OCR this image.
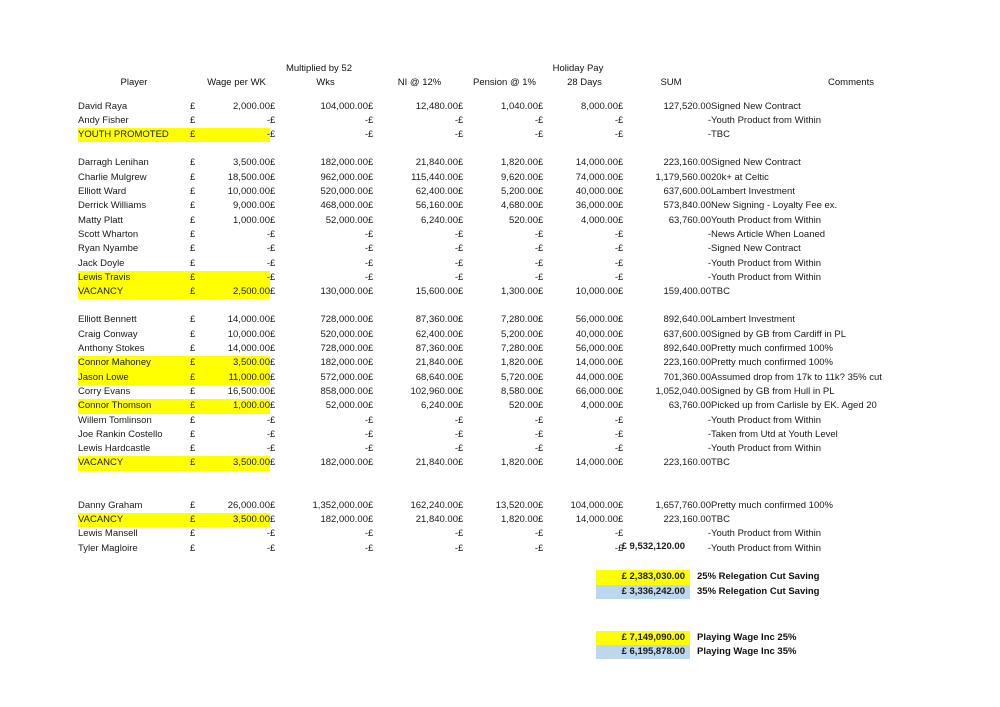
			Multiplied by 52						Holiday Pay				
Player		Wage per WK		Wks		NI @ 12%		Pension @ 1%		28 Days		SUM	Comments

David Raya	£	2,000.00	£	104,000.00	£	12,480.00	£	1,040.00	£	8,000.00	£	127,520.00	Signed New Contract
Andy Fisher	£	-	£	-	£	-	£	-	£	-	£	-	Youth Product from Within
YOUTH PROMOTED	£	-	£	-	£	-	£	-	£	-	£	-	TBC

Darragh Lenihan	£	3,500.00	£	182,000.00	£	21,840.00	£	1,820.00	£	14,000.00	£	223,160.00	Signed New Contract
Charlie Mulgrew	£	18,500.00	£	962,000.00	£	115,440.00	£	9,620.00	£	74,000.00	£	1,179,560.00	20k+ at Celtic
Elliott Ward	£	10,000.00	£	520,000.00	£	62,400.00	£	5,200.00	£	40,000.00	£	637,600.00	Lambert Investment
Derrick Williams	£	9,000.00	£	468,000.00	£	56,160.00	£	4,680.00	£	36,000.00	£	573,840.00	New Signing - Loyalty Fee ex.
Matty Platt	£	1,000.00	£	52,000.00	£	6,240.00	£	520.00	£	4,000.00	£	63,760.00	Youth Product from Within
Scott Wharton	£	-	£	-	£	-	£	-	£	-	£	-	News Article When Loaned
Ryan Nyambe	£	-	£	-	£	-	£	-	£	-	£	-	Signed New Contract
Jack Doyle	£	-	£	-	£	-	£	-	£	-	£	-	Youth Product from Within
Lewis Travis	£	-	£	-	£	-	£	-	£	-	£	-	Youth Product from Within
VACANCY	£	2,500.00	£	130,000.00	£	15,600.00	£	1,300.00	£	10,000.00	£	159,400.00	TBC

Elliott Bennett	£	14,000.00	£	728,000.00	£	87,360.00	£	7,280.00	£	56,000.00	£	892,640.00	Lambert Investment
Craig Conway	£	10,000.00	£	520,000.00	£	62,400.00	£	5,200.00	£	40,000.00	£	637,600.00	Signed by GB from Cardiff in PL
Anthony Stokes	£	14,000.00	£	728,000.00	£	87,360.00	£	7,280.00	£	56,000.00	£	892,640.00	Pretty much confirmed 100%
Connor Mahoney	£	3,500.00	£	182,000.00	£	21,840.00	£	1,820.00	£	14,000.00	£	223,160.00	Pretty much confirmed 100%
Jason Lowe	£	11,000.00	£	572,000.00	£	68,640.00	£	5,720.00	£	44,000.00	£	701,360.00	Assumed drop from 17k to 11k? 35% cut
Corry Evans	£	16,500.00	£	858,000.00	£	102,960.00	£	8,580.00	£	66,000.00	£	1,052,040.00	Signed by GB from Hull in PL
Connor Thomson	£	1,000.00	£	52,000.00	£	6,240.00	£	520.00	£	4,000.00	£	63,760.00	Picked up from Carlisle by EK. Aged 20
Willem Tomlinson	£	-	£	-	£	-	£	-	£	-	£	-	Youth Product from Within
Joe Rankin Costello	£	-	£	-	£	-	£	-	£	-	£	-	Taken from Utd at Youth Level
Lewis Hardcastle	£	-	£	-	£	-	£	-	£	-	£	-	Youth Product from Within
VACANCY	£	3,500.00	£	182,000.00	£	21,840.00	£	1,820.00	£	14,000.00	£	223,160.00	TBC

Danny Graham	£	26,000.00	£	1,352,000.00	£	162,240.00	£	13,520.00	£	104,000.00	£	1,657,760.00	Pretty much confirmed 100%
VACANCY	£	3,500.00	£	182,000.00	£	21,840.00	£	1,820.00	£	14,000.00	£	223,160.00	TBC
Lewis Mansell	£	-	£	-	£	-	£	-	£	-	£	-	Youth Product from Within
Tyler Magloire	£	-	£	-	£	-	£	-	£	-	£	-	Youth Product from Within
£ 9,532,120.00	

£ 2,383,030.00	25% Relegation Cut Saving
£ 3,336,242.00	35% Relegation Cut Saving

£ 7,149,090.00	Playing Wage Inc 25%
£ 6,195,878.00	Playing Wage Inc 35%
